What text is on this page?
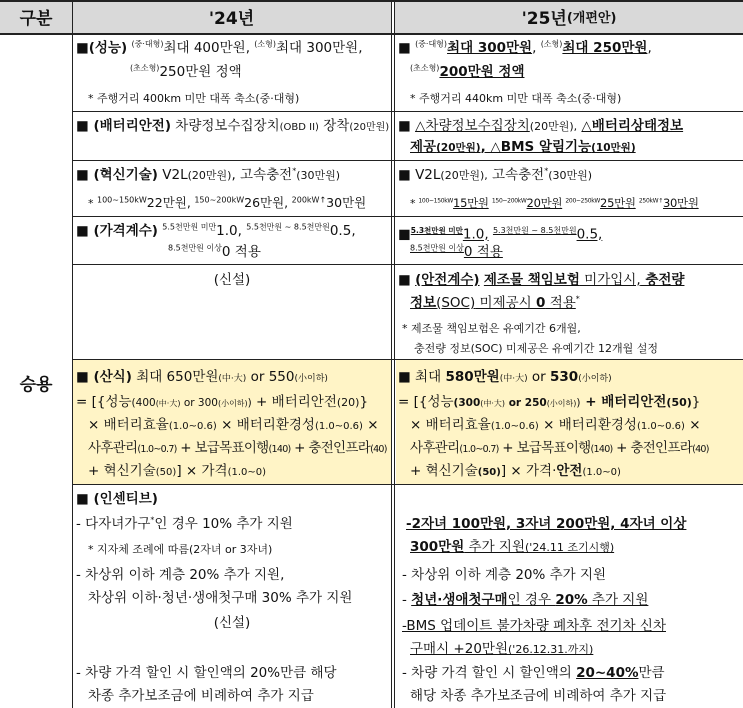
구분	'24년	'25년 (개편안)
승용
■(성능) $^{(중\cdot 대형)}$최대 400만원, $^{(소형)}$최대 300만원,
$^{(초소형)}$250만원 정액
* 주행거리 400km 미만 대폭 축소(중·대형)
■ (배터리안전) 차량정보수집장치(OBD II) 장착(20만원)
■ (혁신기술) V2L(20만원), 고속충전*(30만원)
* $^{100\sim 150kW}$22만원, $^{150\sim 200kW}$26만원, $^{200kW↑}$30만원
■ (가격계수) $^{5.5천만원 미만}$1.0, $^{5.5천만원 \sim 8.5천만원}$0.5,
$^{8.5천만원 이상}$0 적용
(신설)
■ (산식) 최대 650만원(中·大) or 550(小이하)
= [{성능(400(中·大) or 300(小이하)) + 배터리안전(20)}
× 배터리효율(1.0~0.6) × 배터리환경성(1.0~0.6) ×
사후관리(1.0~0.7) + 보급목표이행(140) + 충전인프라(40)
+ 혁신기술(50)] × 가격(1.0~0)
■ (인센티브)
- 다자녀가구*인 경우 10% 추가 지원
* 지자체 조례에 따름(2자녀 or 3자녀)
- 차상위 이하 계층 20% 추가 지원,
차상위 이하·청년·생애첫구매 30% 추가 지원
(신설)
- 차량 가격 할인 시 할인액의 20%만큼 해당
차종 추가보조금에 비례하여 추가 지급
■ $^{(중\cdot 대형)}$최대 300만원, $^{(소형)}$최대 250만원,
$^{(초소형)}$200만원 정액
* 주행거리 440km 미만 대폭 축소(중·대형)
■ △차량정보수집장치(20만원), △배터리상태정보
제공(20만원), △BMS 알림기능(10만원)
■ V2L(20만원), 고속충전*(30만원)
* $^{100\sim 150kW}$15만원 $^{150\sim 200kW}$20만원 $^{200\sim 250kW}$25만원 $^{250kW↑}$30만원
■$^{5.3천만원 미만}$1.0, $^{5.3천만원 \sim 8.5천만원}$0.5,
$^{8.5천만원 이상}$0 적용
■ (안전계수) 제조물 책임보험 미가입시, 충전량
정보(SOC) 미제공시 0 적용*
* 제조물 책임보험은 유예기간 6개월,
충전량 정보(SOC) 미제공은 유예기간 12개월 설정
■ 최대 580만원(中·大) or 530(小이하)
= [{성능(300(中·大) or 250(小이하)) + 배터리안전(50)}
× 배터리효율(1.0~0.6) × 배터리환경성(1.0~0.6) ×
사후관리(1.0~0.7) + 보급목표이행(140) + 충전인프라(40)
+ 혁신기술(50)] × 가격·안전(1.0~0)
-2자녀 100만원, 3자녀 200만원, 4자녀 이상
300만원 추가 지원('24.11 조기시행)
- 차상위 이하 계층 20% 추가 지원
- 청년·생애첫구매인 경우 20% 추가 지원
-BMS 업데이트 불가차량 폐차후 전기차 신차
구매시 +20만원('26.12.31.까지)
- 차량 가격 할인 시 할인액의 20~40%만큼
해당 차종 추가보조금에 비례하여 추가 지급
